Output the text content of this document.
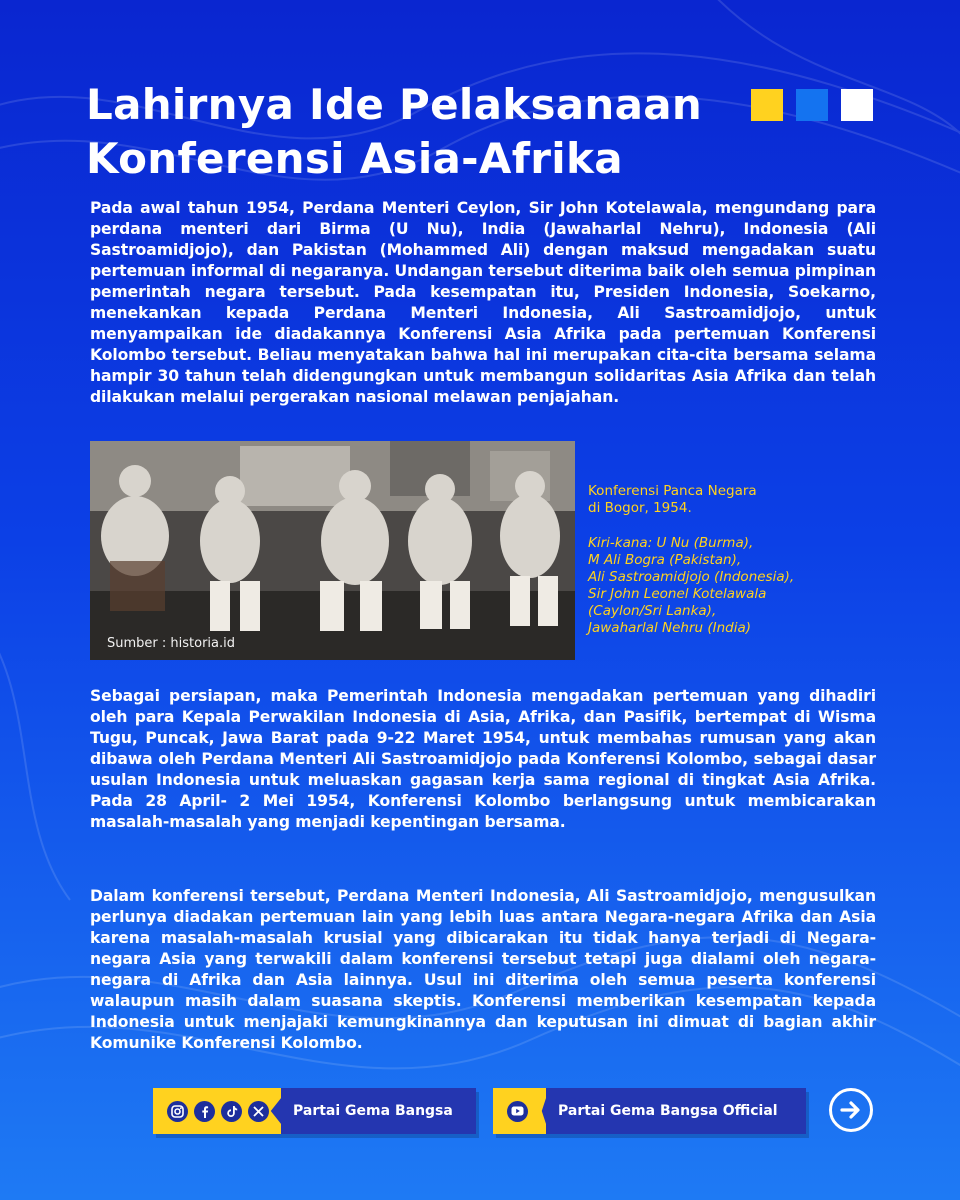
Lahirnya Ide Pelaksanaan
Konferensi Asia-Afrika

Pada awal tahun 1954, Perdana Menteri Ceylon, Sir John Kotelawala, mengundang para perdana menteri dari Birma (U Nu), India (Jawaharlal Nehru), Indonesia (Ali Sastroamidjojo), dan Pakistan (Mohammed Ali) dengan maksud mengadakan suatu pertemuan informal di negaranya. Undangan tersebut diterima baik oleh semua pimpinan pemerintah negara tersebut. Pada kesempatan itu, Presiden Indonesia, Soekarno, menekankan kepada Perdana Menteri Indonesia, Ali Sastroamidjojo, untuk menyampaikan ide diadakannya Konferensi Asia Afrika pada pertemuan Konferensi Kolombo tersebut. Beliau menyatakan bahwa hal ini merupakan cita-cita bersama selama hampir 30 tahun telah didengungkan untuk membangun solidaritas Asia Afrika dan telah dilakukan melalui pergerakan nasional melawan penjajahan.

Sumber : historia.id

Konferensi Panca Negara
di Bogor, 1954.

Kiri-kana: U Nu (Burma),
M Ali Bogra (Pakistan),
Ali Sastroamidjojo (Indonesia),
Sir John Leonel Kotelawala
(Caylon/Sri Lanka),
Jawaharlal Nehru (India)

Sebagai persiapan, maka Pemerintah Indonesia mengadakan pertemuan yang dihadiri oleh para Kepala Perwakilan Indonesia di Asia, Afrika, dan Pasifik, bertempat di Wisma Tugu, Puncak, Jawa Barat pada 9-22 Maret 1954, untuk membahas rumusan yang akan dibawa oleh Perdana Menteri Ali Sastroamidjojo pada Konferensi Kolombo, sebagai dasar usulan Indonesia untuk meluaskan gagasan kerja sama regional di tingkat Asia Afrika. Pada 28 April- 2 Mei 1954, Konferensi Kolombo berlangsung untuk membicarakan masalah-masalah yang menjadi kepentingan bersama.

Dalam konferensi tersebut, Perdana Menteri Indonesia, Ali Sastroamidjojo, mengusulkan perlunya diadakan pertemuan lain yang lebih luas antara Negara-negara Afrika dan Asia karena masalah-masalah krusial yang dibicarakan itu tidak hanya terjadi di Negara-negara Asia yang terwakili dalam konferensi tersebut tetapi juga dialami oleh negara-negara di Afrika dan Asia lainnya. Usul ini diterima oleh semua peserta konferensi walaupun masih dalam suasana skeptis. Konferensi memberikan kesempatan kepada Indonesia untuk menjajaki kemungkinannya dan keputusan ini dimuat di bagian akhir Komunike Konferensi Kolombo.

Partai Gema Bangsa	Partai Gema Bangsa Official
